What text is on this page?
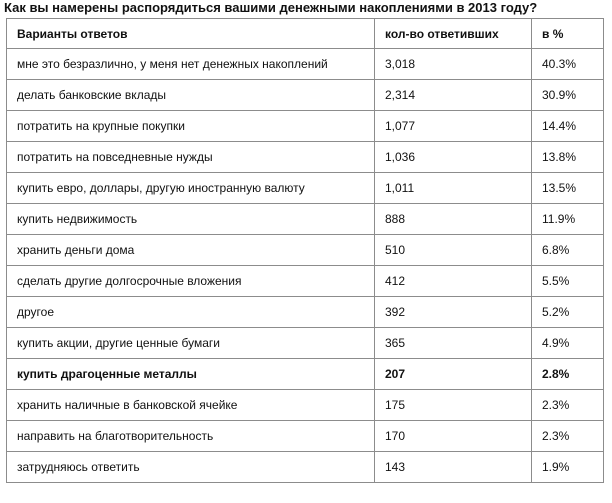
Как вы намерены распорядиться вашими денежными накоплениями в 2013 году?
Варианты ответов	кол-во ответивших	в %
мне это безразлично, у меня нет денежных накоплений	3,018	40.3%
делать банковские вклады	2,314	30.9%
потратить на крупные покупки	1,077	14.4%
потратить на повседневные нужды	1,036	13.8%
купить евро, доллары, другую иностранную валюту	1,011	13.5%
купить недвижимость	888	11.9%
хранить деньги дома	510	6.8%
сделать другие долгосрочные вложения	412	5.5%
другое	392	5.2%
купить акции, другие ценные бумаги	365	4.9%
купить драгоценные металлы	207	2.8%
хранить наличные в банковской ячейке	175	2.3%
направить на благотворительность	170	2.3%
затрудняюсь ответить	143	1.9%
